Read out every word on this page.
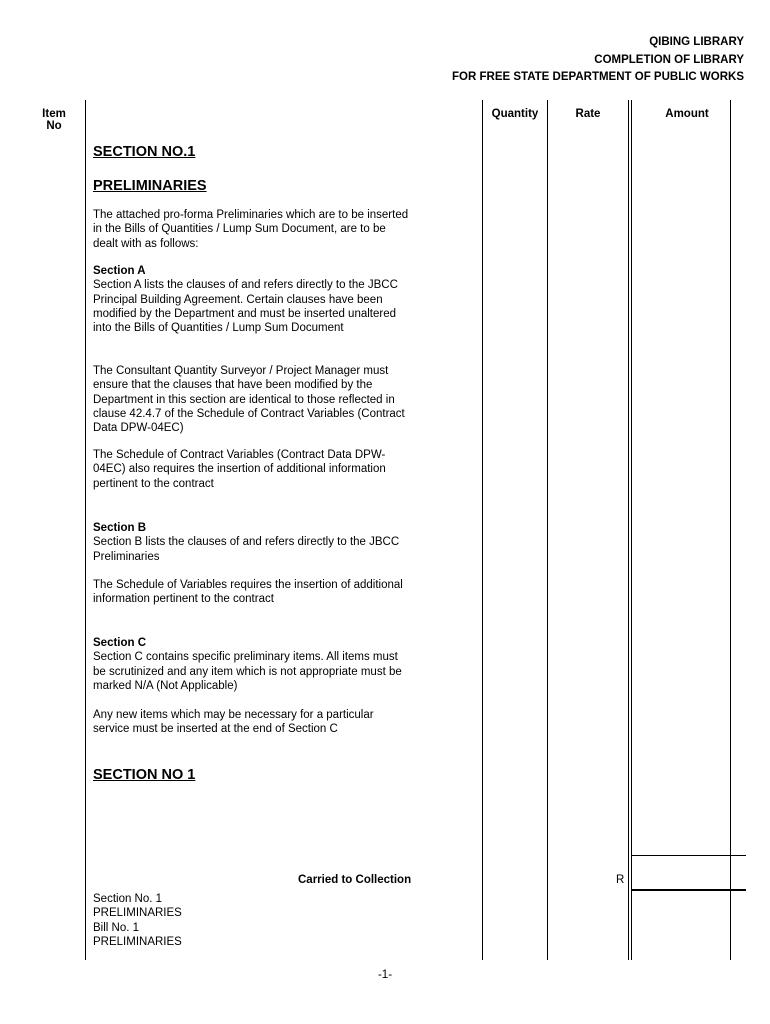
QIBING LIBRARY
COMPLETION OF LIBRARY
FOR FREE STATE DEPARTMENT OF PUBLIC WORKS
Item
No
Quantity	Rate	Amount
SECTION NO.1
PRELIMINARIES

The attached pro-forma Preliminaries which are to be inserted in the Bills of Quantities / Lump Sum Document, are to be dealt with as follows:

Section A
Section A lists the clauses of and refers directly to the JBCC Principal Building Agreement. Certain clauses have been modified by the Department and must be inserted unaltered into the Bills of Quantities / Lump Sum Document

The Consultant Quantity Surveyor / Project Manager must ensure that the clauses that have been modified by the Department in this section are identical to those reflected in clause 42.4.7 of the Schedule of Contract Variables (Contract Data DPW-04EC)

The Schedule of Contract Variables (Contract Data DPW-04EC) also requires the insertion of additional information pertinent to the contract

Section B
Section B lists the clauses of and refers directly to the JBCC Preliminaries

The Schedule of Variables requires the insertion of additional information pertinent to the contract

Section C
Section C contains specific preliminary items. All items must be scrutinized and any item which is not appropriate must be marked N/A (Not Applicable)

Any new items which may be necessary for a particular service must be inserted at the end of Section C

SECTION NO 1
Carried to Collection	R
Section No. 1
PRELIMINARIES
Bill No. 1
PRELIMINARIES
-1-
